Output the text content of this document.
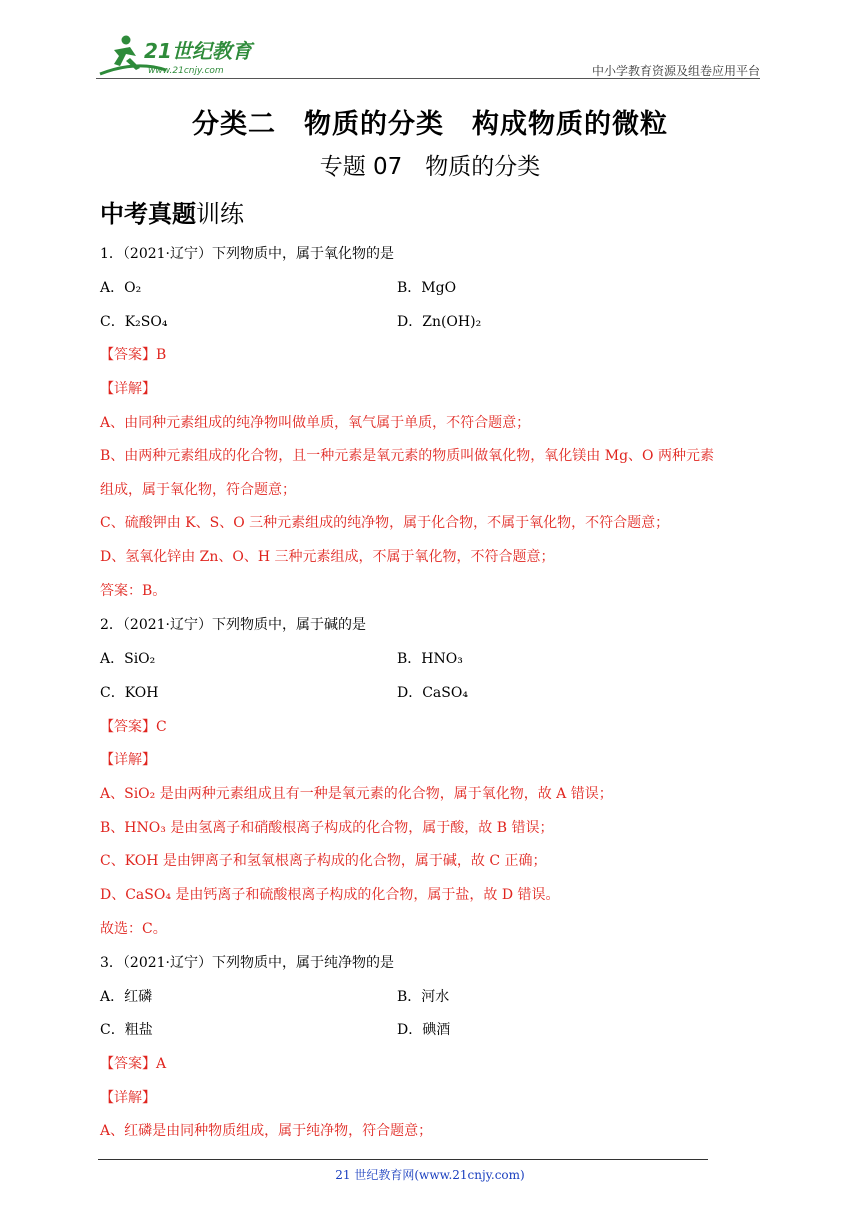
21世纪教育
www.21cnjy.com	中小学教育资源及组卷应用平台
分类二　物质的分类　构成物质的微粒
专题 07　物质的分类
中考真题训练
1．（2021·辽宁）下列物质中，属于氧化物的是
A．O₂	B．MgO
C．K₂SO₄	D．Zn(OH)₂
【答案】B
【详解】
A、由同种元素组成的纯净物叫做单质，氧气属于单质，不符合题意；
B、由两种元素组成的化合物，且一种元素是氧元素的物质叫做氧化物，氧化镁由 Mg、O 两种元素
组成，属于氧化物，符合题意；
C、硫酸钾由 K、S、O 三种元素组成的纯净物，属于化合物，不属于氧化物，不符合题意；
D、氢氧化锌由 Zn、O、H 三种元素组成，不属于氧化物，不符合题意；
答案：B。
2．（2021·辽宁）下列物质中，属于碱的是
A．SiO₂	B．HNO₃
C．KOH	D．CaSO₄
【答案】C
【详解】
A、SiO₂ 是由两种元素组成且有一种是氧元素的化合物，属于氧化物，故 A 错误；
B、HNO₃ 是由氢离子和硝酸根离子构成的化合物，属于酸，故 B 错误；
C、KOH 是由钾离子和氢氧根离子构成的化合物，属于碱，故 C 正确；
D、CaSO₄ 是由钙离子和硫酸根离子构成的化合物，属于盐，故 D 错误。
故选：C。
3．（2021·辽宁）下列物质中，属于纯净物的是
A．红磷	B．河水
C．粗盐	D．碘酒
【答案】A
【详解】
A、红磷是由同种物质组成，属于纯净物，符合题意；
21 世纪教育网(www.21cnjy.com)
